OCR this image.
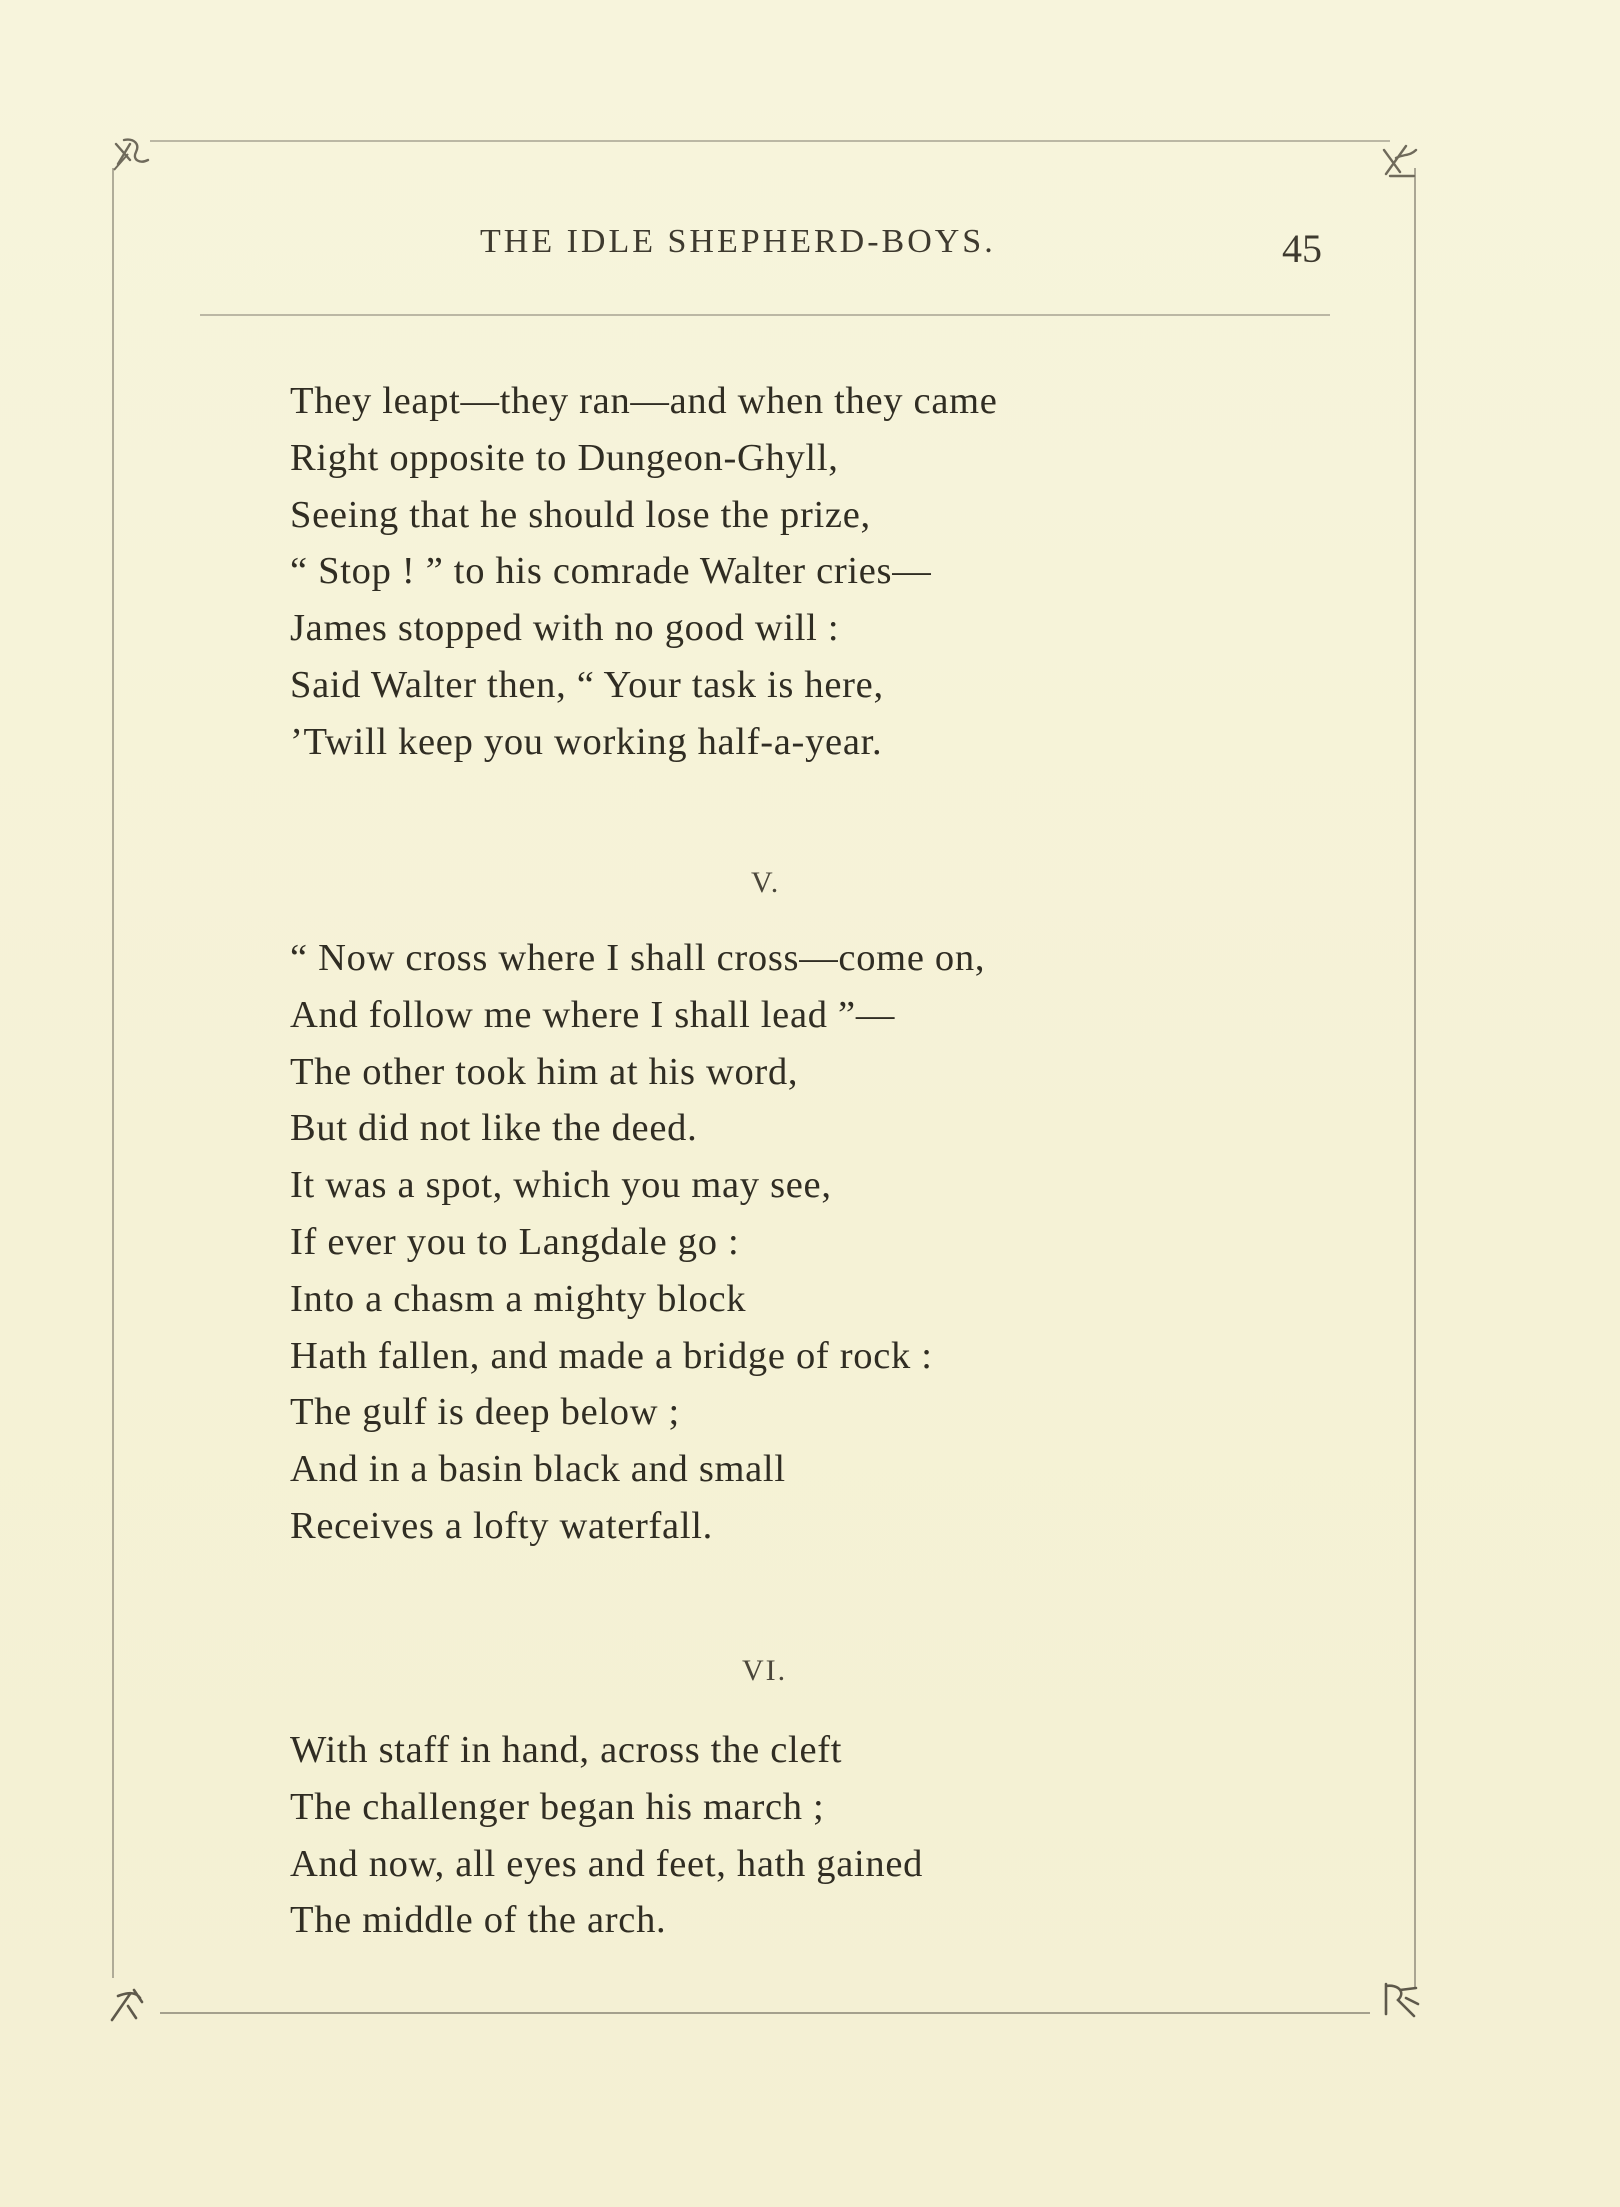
THE IDLE SHEPHERD-BOYS.	45
They leapt—they ran—and when they came
Right opposite to Dungeon-Ghyll,
Seeing that he should lose the prize,
“ Stop ! ” to his comrade Walter cries—
James stopped with no good will :
Said Walter then, “ Your task is here,
’Twill keep you working half-a-year.
V.
“ Now cross where I shall cross—come on,
And follow me where I shall lead ”—
The other took him at his word,
But did not like the deed.
It was a spot, which you may see,
If ever you to Langdale go :
Into a chasm a mighty block
Hath fallen, and made a bridge of rock :
The gulf is deep below ;
And in a basin black and small
Receives a lofty waterfall.
VI.
With staff in hand, across the cleft
The challenger began his march ;
And now, all eyes and feet, hath gained
The middle of the arch.
